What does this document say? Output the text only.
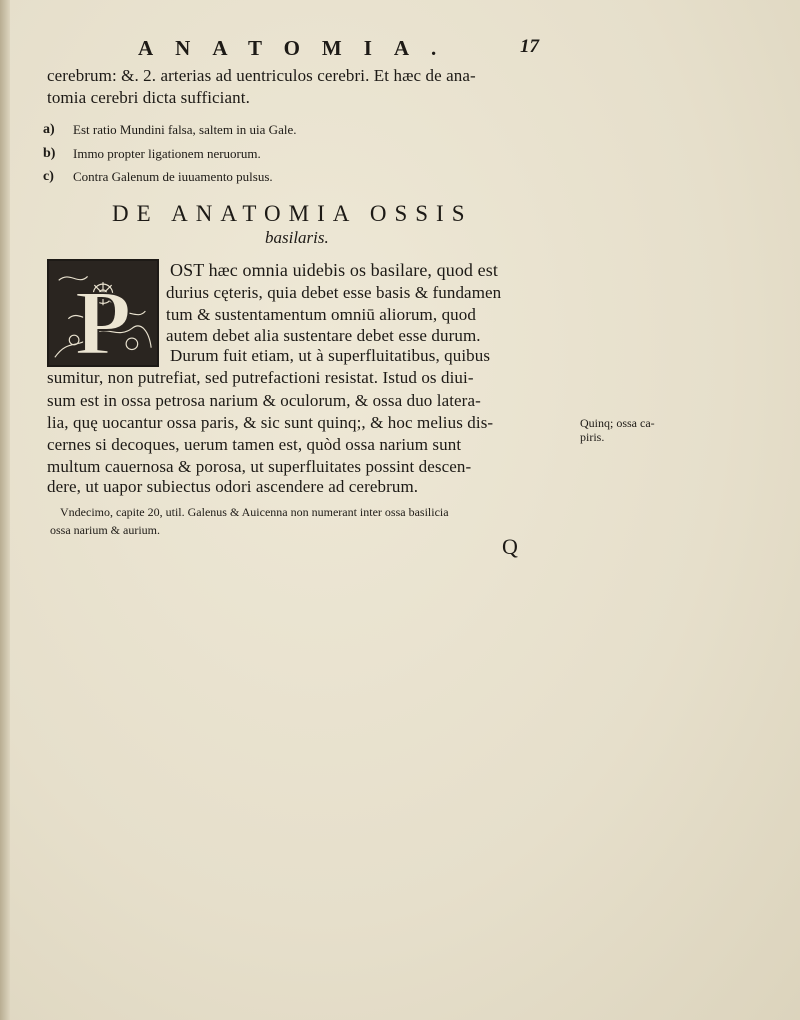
ANATOMIA.	17
cerebrum: &. 2. arterias ad uentriculos cerebri. Et hæc de ana-
tomia cerebri dicta sufficiant.
a) Est ratio Mundini falsa, saltem in uia Gale.
b) Immo propter ligationem neruorum.
c) Contra Galenum de iuuamento pulsus.
DE ANATOMIA OSSIS
basilaris.
P
OST hæc omnia uidebis os basilare, quod est
durius cęteris, quia debet esse basis & fundamen
tum & sustentamentum omniū aliorum, quod
autem debet alia sustentare debet esse durum.
Durum fuit etiam, ut à superfluitatibus, quibus
sumitur, non putrefiat, sed putrefactioni resistat. Istud os diui-
sum est in ossa petrosa narium & oculorum, & ossa duo latera-
lia, quę uocantur ossa paris, & sic sunt quinq;, & hoc melius dis-
cernes si decoques, uerum tamen est, quòd ossa narium sunt
multum cauernosa & porosa, ut superfluitates possint descen-
dere, ut uapor subiectus odori ascendere ad cerebrum.
Quinq; ossa ca-
piris.
Vndecimo, capite 20, util. Galenus & Auicenna non numerant inter ossa basilicia
ossa narium & aurium.
Q
